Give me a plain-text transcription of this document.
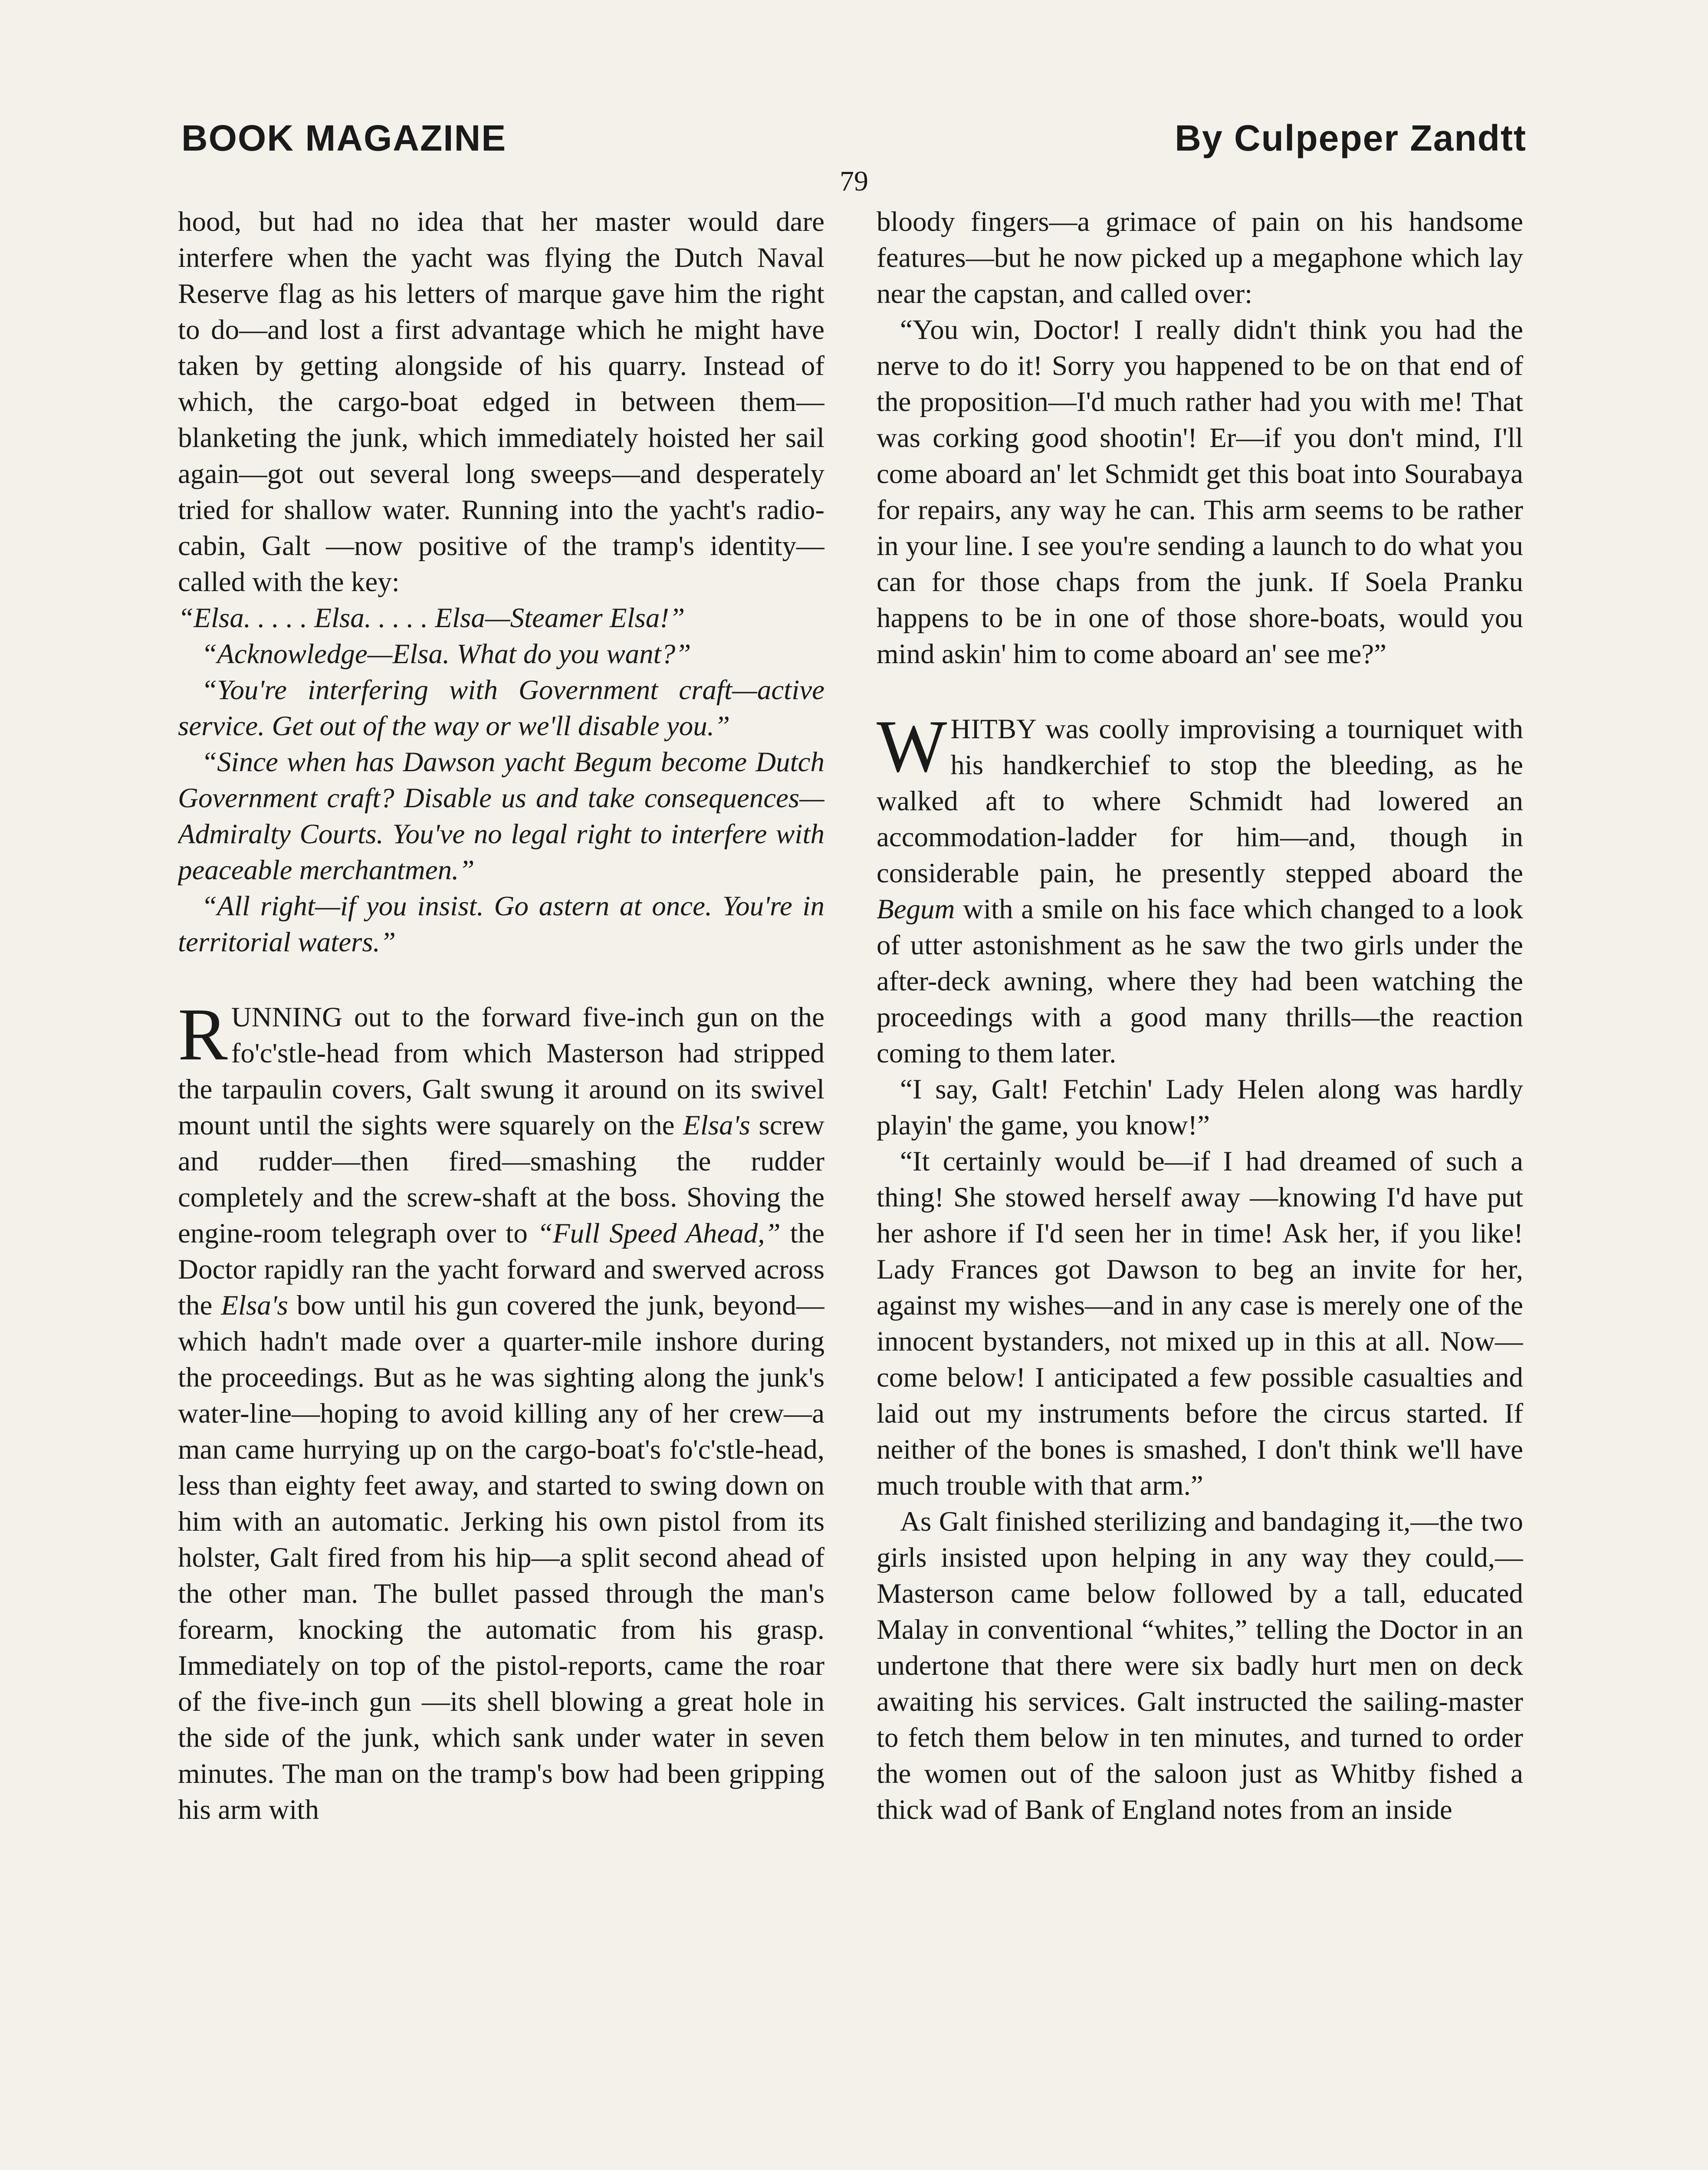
BOOK MAGAZINE	By Culpeper Zandtt
79

hood, but had no idea that her master would dare interfere when the yacht was flying the Dutch Naval Reserve flag as his letters of marque gave him the right to do—and lost a first advantage which he might have taken by getting alongside of his quarry. Instead of which, the cargo-boat edged in between them—blanketing the junk, which immediately hoisted her sail again—got out several long sweeps—and desperately tried for shallow water. Running into the yacht's radio-cabin, Galt —now positive of the tramp's identity— called with the key:

“Elsa. . . . . Elsa. . . . . Elsa—Steamer Elsa!”

“Acknowledge—Elsa. What do you want?”

“You're interfering with Government craft—active service. Get out of the way or we'll disable you.”

“Since when has Dawson yacht Begum become Dutch Government craft? Disable us and take consequences—Admiralty Courts. You've no legal right to interfere with peaceable merchantmen.”

“All right—if you insist. Go astern at once. You're in territorial waters.”

RUNNING out to the forward five-inch gun on the fo'c'stle-head from which Masterson had stripped the tarpaulin covers, Galt swung it around on its swivel mount until the sights were squarely on the Elsa's screw and rudder—then fired—smashing the rudder completely and the screw-shaft at the boss. Shoving the engine-room telegraph over to “Full Speed Ahead,” the Doctor rapidly ran the yacht forward and swerved across the Elsa's bow until his gun covered the junk, beyond—which hadn't made over a quarter-mile inshore during the proceedings. But as he was sighting along the junk's water-line—hoping to avoid killing any of her crew—a man came hurrying up on the cargo-boat's fo'c'stle-head, less than eighty feet away, and started to swing down on him with an automatic. Jerking his own pistol from its holster, Galt fired from his hip—a split second ahead of the other man. The bullet passed through the man's forearm, knocking the automatic from his grasp. Immediately on top of the pistol-reports, came the roar of the five-inch gun —its shell blowing a great hole in the side of the junk, which sank under water in seven minutes. The man on the tramp's bow had been gripping his arm with

bloody fingers—a grimace of pain on his handsome features—but he now picked up a megaphone which lay near the capstan, and called over:

“You win, Doctor! I really didn't think you had the nerve to do it! Sorry you happened to be on that end of the proposition—I'd much rather had you with me! That was corking good shootin'! Er—if you don't mind, I'll come aboard an' let Schmidt get this boat into Sourabaya for repairs, any way he can. This arm seems to be rather in your line. I see you're sending a launch to do what you can for those chaps from the junk. If Soela Pranku happens to be in one of those shore-boats, would you mind askin' him to come aboard an' see me?”

WHITBY was coolly improvising a tourniquet with his handkerchief to stop the bleeding, as he walked aft to where Schmidt had lowered an accommodation-ladder for him—and, though in considerable pain, he presently stepped aboard the Begum with a smile on his face which changed to a look of utter astonishment as he saw the two girls under the after-deck awning, where they had been watching the proceedings with a good many thrills—the reaction coming to them later.

“I say, Galt! Fetchin' Lady Helen along was hardly playin' the game, you know!”

“It certainly would be—if I had dreamed of such a thing! She stowed herself away —knowing I'd have put her ashore if I'd seen her in time! Ask her, if you like! Lady Frances got Dawson to beg an invite for her, against my wishes—and in any case is merely one of the innocent bystanders, not mixed up in this at all. Now—come below! I anticipated a few possible casualties and laid out my instruments before the circus started. If neither of the bones is smashed, I don't think we'll have much trouble with that arm.”

As Galt finished sterilizing and bandaging it,—the two girls insisted upon helping in any way they could,—Masterson came below followed by a tall, educated Malay in conventional “whites,” telling the Doctor in an undertone that there were six badly hurt men on deck awaiting his services. Galt instructed the sailing-master to fetch them below in ten minutes, and turned to order the women out of the saloon just as Whitby fished a thick wad of Bank of England notes from an inside
